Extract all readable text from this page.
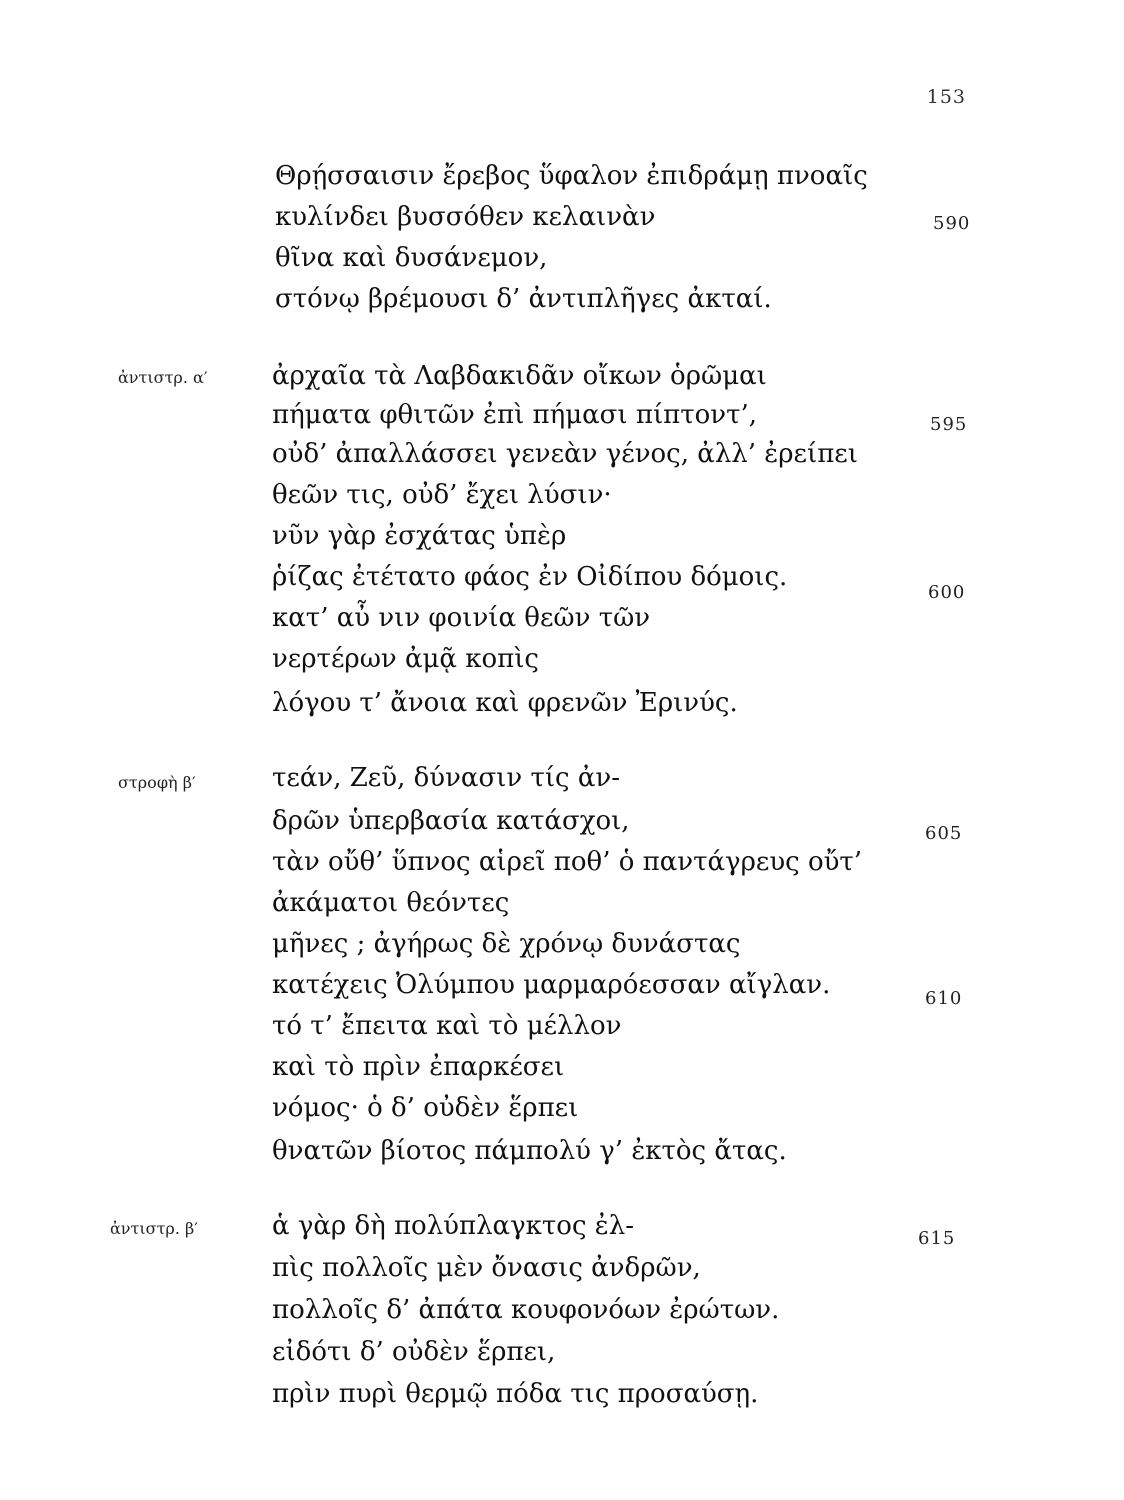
153
Θρῄσσαισιν ἔρεβος ὕφαλον ἐπιδράμῃ πνοαῖς
κυλίνδει βυσσόθεν κελαινὰν	590
θῖνα καὶ δυσάνεμον,
στόνῳ βρέμουσι δ’ ἀντιπλῆγες ἀκταί.
ἀντιστρ. α′ ἀρχαῖα τὰ Λαβδακιδᾶν οἴκων ὁρῶμαι
πήματα φθιτῶν ἐπὶ πήμασι πίπτοντ’,	595
οὐδ’ ἀπαλλάσσει γενεὰν γένος, ἀλλ’ ἐρείπει
θεῶν τις, οὐδ’ ἔχει λύσιν·
νῦν γὰρ ἐσχάτας ὑπὲρ
ῥίζας ἐτέτατο φάος ἐν Οἰδίπου δόμοις.
600
κατ’ αὖ νιν φοινία θεῶν τῶν
νερτέρων ἀμᾷ κοπὶς
λόγου τ’ ἄνοια καὶ φρενῶν Ἐρινύς.
στροφὴ β′	τεάν, Ζεῦ, δύνασιν τίς ἀν-
δρῶν ὑπερβασία κατάσχοι,	605
τὰν οὔθ’ ὕπνος αἱρεῖ ποθ’ ὁ παντάγρευς οὔτ’
ἀκάματοι θεόντες
μῆνες ; ἀγήρως δὲ χρόνῳ δυνάστας
κατέχεις Ὀλύμπου μαρμαρόεσσαν αἴγλαν.	610
τό τ’ ἔπειτα καὶ τὸ μέλλον
καὶ τὸ πρὶν ἐπαρκέσει
νόμος· ὁ δ’ οὐδὲν ἕρπει
θνατῶν βίοτος πάμπολύ γ’ ἐκτὸς ἄτας.
ἀντιστρ. β′	ἁ γὰρ δὴ πολύπλαγκτος ἐλ-	615
πὶς πολλοῖς μὲν ὄνασις ἀνδρῶν,
πολλοῖς δ’ ἀπάτα κουφονόων ἐρώτων.
εἰδότι δ’ οὐδὲν ἕρπει,
πρὶν πυρὶ θερμῷ πόδα τις προσαύσῃ.
